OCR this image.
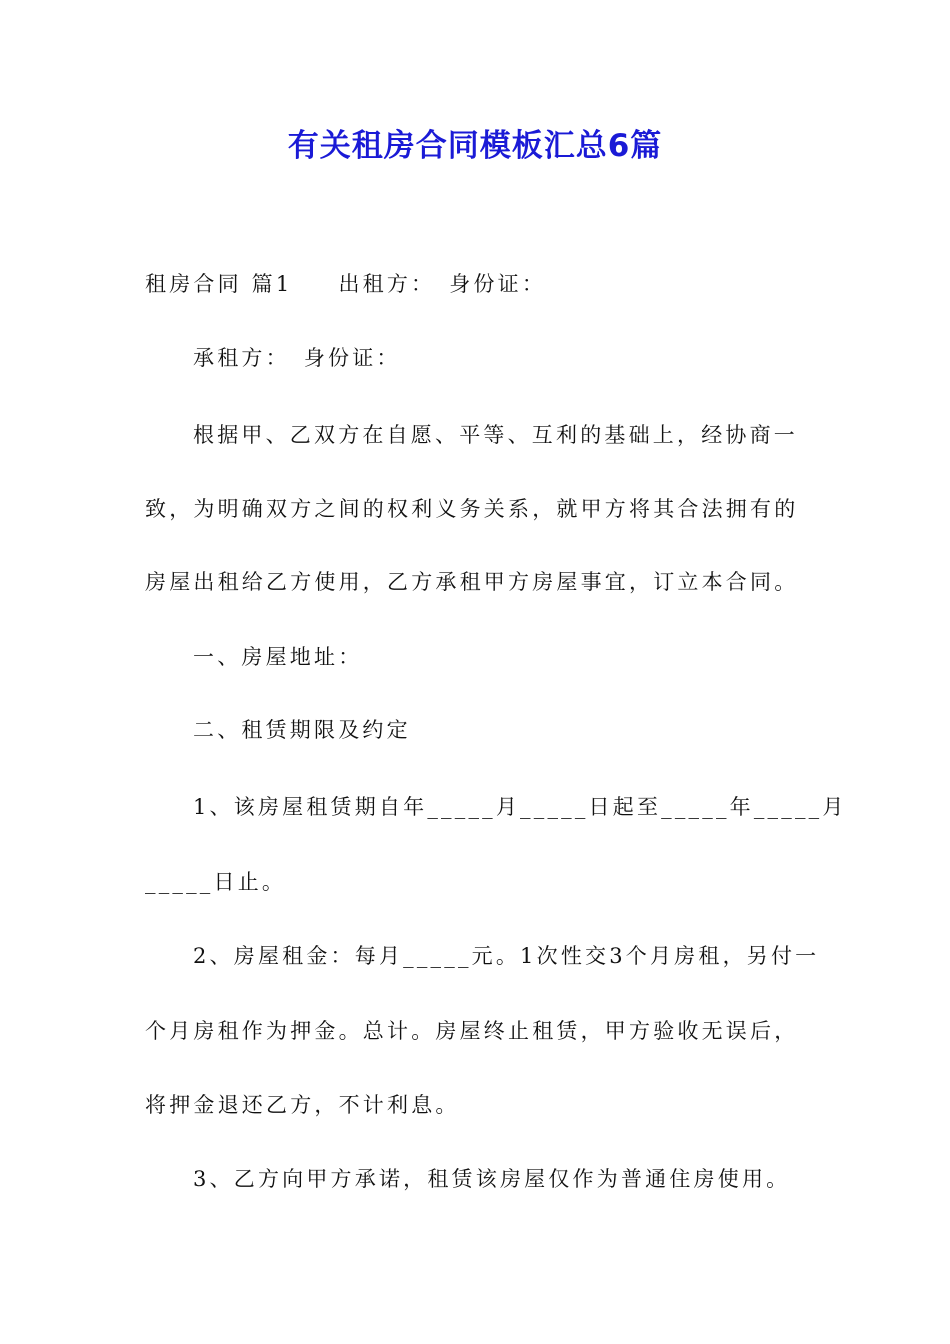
有关租房合同模板汇总6篇
租房合同 篇1 出租方： 身份证：
承租方： 身份证：
根据甲、乙双方在自愿、平等、互利的基础上，经协商一
致，为明确双方之间的权利义务关系，就甲方将其合法拥有的
房屋出租给乙方使用，乙方承租甲方房屋事宜，订立本合同。
一、房屋地址：
二、租赁期限及约定
1、该房屋租赁期自年_____月_____日起至_____年_____月
_____日止。
2、房屋租金：每月_____元。1次性交3个月房租，另付一
个月房租作为押金。总计。房屋终止租赁，甲方验收无误后，
将押金退还乙方，不计利息。
3、乙方向甲方承诺，租赁该房屋仅作为普通住房使用。
